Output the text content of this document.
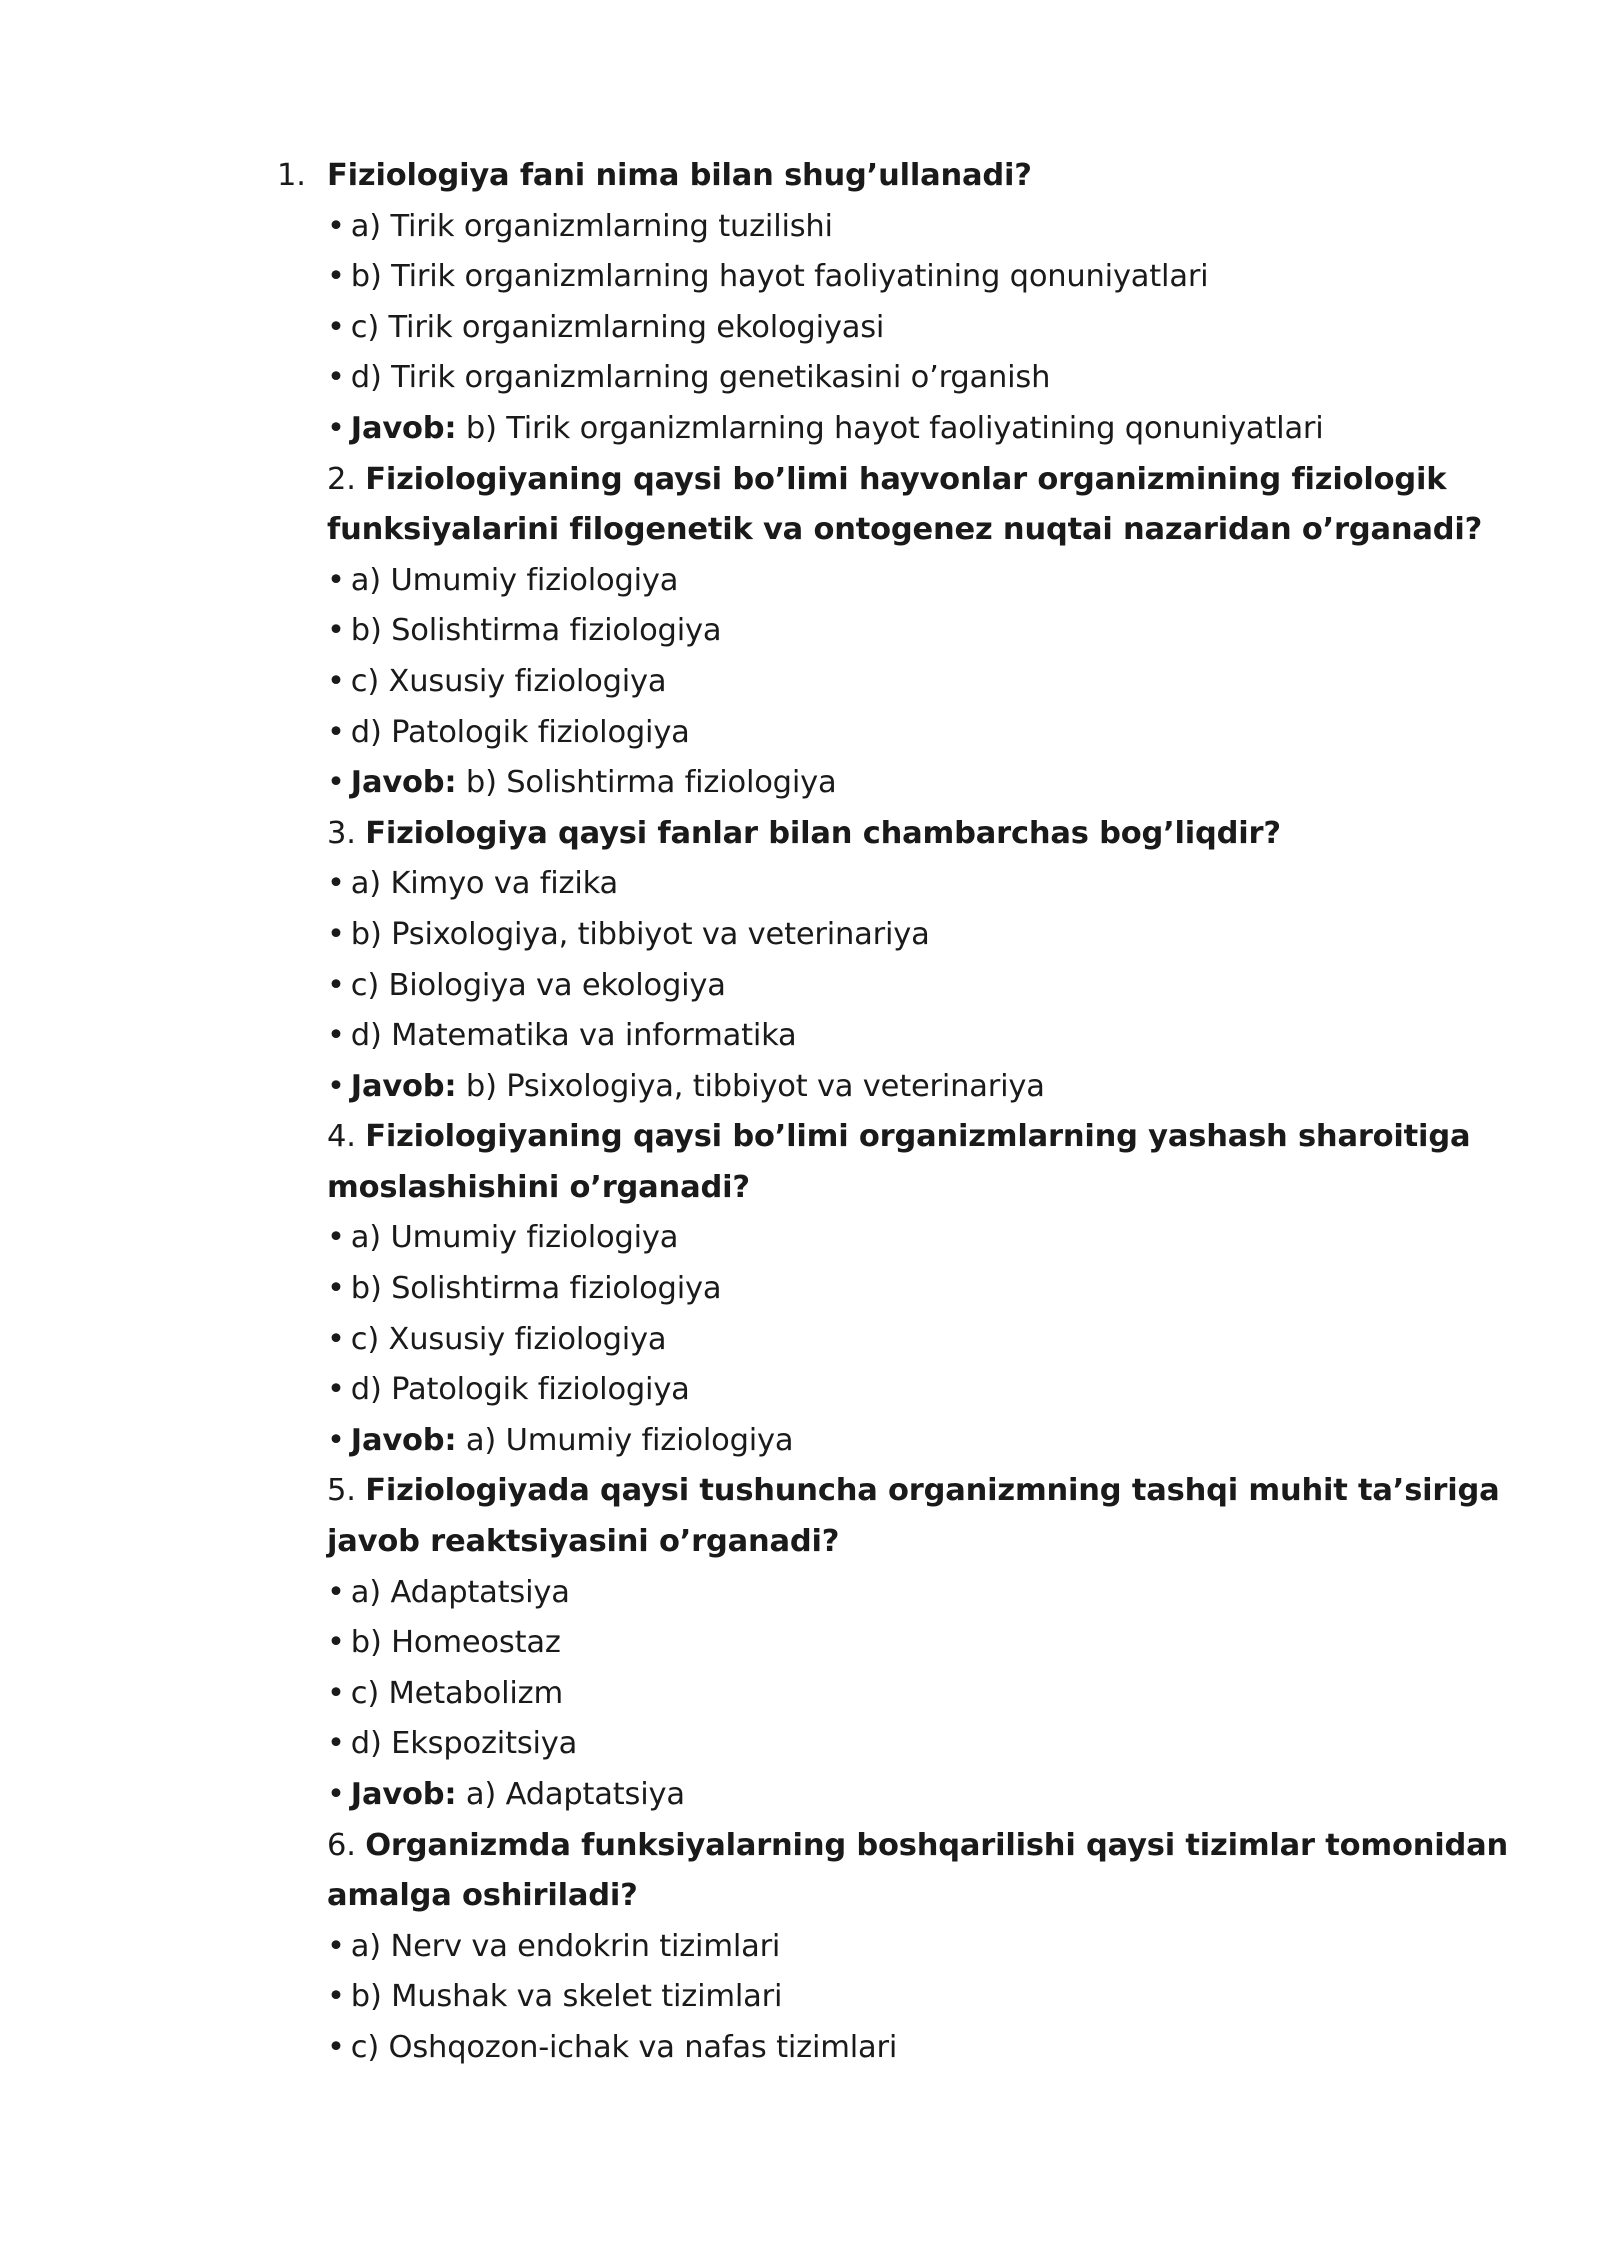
1. Fiziologiya fani nima bilan shug’ullanadi?
• a) Tirik organizmlarning tuzilishi
• b) Tirik organizmlarning hayot faoliyatining qonuniyatlari
• c) Tirik organizmlarning ekologiyasi
• d) Tirik organizmlarning genetikasini o’rganish
• Javob: b) Tirik organizmlarning hayot faoliyatining qonuniyatlari
2. Fiziologiyaning qaysi bo’limi hayvonlar organizmining fiziologik
funksiyalarini filogenetik va ontogenez nuqtai nazaridan o’rganadi?
• a) Umumiy fiziologiya
• b) Solishtirma fiziologiya
• c) Xususiy fiziologiya
• d) Patologik fiziologiya
• Javob: b) Solishtirma fiziologiya
3. Fiziologiya qaysi fanlar bilan chambarchas bog’liqdir?
• a) Kimyo va fizika
• b) Psixologiya, tibbiyot va veterinariya
• c) Biologiya va ekologiya
• d) Matematika va informatika
• Javob: b) Psixologiya, tibbiyot va veterinariya
4. Fiziologiyaning qaysi bo’limi organizmlarning yashash sharoitiga
moslashishini o’rganadi?
• a) Umumiy fiziologiya
• b) Solishtirma fiziologiya
• c) Xususiy fiziologiya
• d) Patologik fiziologiya
• Javob: a) Umumiy fiziologiya
5. Fiziologiyada qaysi tushuncha organizmning tashqi muhit ta’siriga
javob reaktsiyasini o’rganadi?
• a) Adaptatsiya
• b) Homeostaz
• c) Metabolizm
• d) Ekspozitsiya
• Javob: a) Adaptatsiya
6. Organizmda funksiyalarning boshqarilishi qaysi tizimlar tomonidan
amalga oshiriladi?
• a) Nerv va endokrin tizimlari
• b) Mushak va skelet tizimlari
• c) Oshqozon-ichak va nafas tizimlari
